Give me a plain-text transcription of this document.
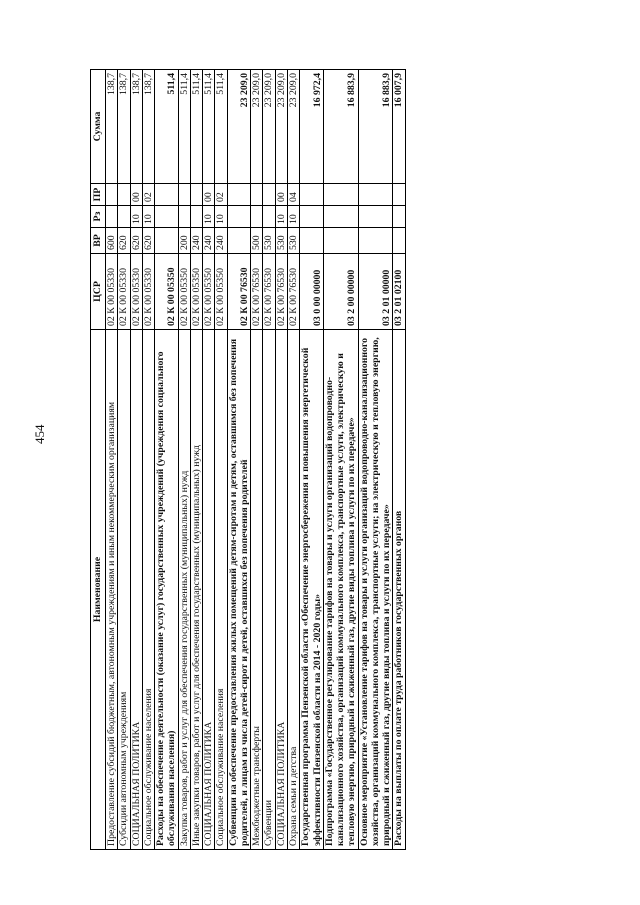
454
Наименование	ЦСР	ВР	Рз	ПР	Сумма
Предоставление субсидий бюджетным, автономным учреждениям и иным некоммерческим организациям	02 К 00 05330	600			138,7
Субсидии автономным учреждениям	02 К 00 05330	620			138,7
СОЦИАЛЬНАЯ ПОЛИТИКА	02 К 00 05330	620	10	00	138,7
Социальное обслуживание населения	02 К 00 05330	620	10	02	138,7
Расходы на обеспечение деятельности (оказание услуг) государственных учреждений (учреждения социального обслуживания населения)	02 К 00 05350				511,4
Закупка товаров, работ и услуг для обеспечения государственных (муниципальных) нужд	02 К 00 05350	200			511,4
Иные закупки товаров, работ и услуг для обеспечения государственных (муниципальных) нужд	02 К 00 05350	240			511,4
СОЦИАЛЬНАЯ ПОЛИТИКА	02 К 00 05350	240	10	00	511,4
Социальное обслуживание населения	02 К 00 05350	240	10	02	511,4
Субвенции на обеспечение предоставления жилых помещений детям-сиротам и детям, оставшимся без попечения родителей, и лицам из числа детей-сирот и детей, оставшихся без попечения родителей	02 К 00 76530				23 209,0
Межбюджетные трансферты	02 К 00 76530	500			23 209,0
Субвенции	02 К 00 76530	530			23 209,0
СОЦИАЛЬНАЯ ПОЛИТИКА	02 К 00 76530	530	10	00	23 209,0
Охрана семьи и детства	02 К 00 76530	530	10	04	23 209,0
Государственная программа Пензенской области «Обеспечение энергосбережения и повышения энергетической эффективности Пензенской области на 2014 - 2020 годы»	03 0 00 00000				16 972,4
Подпрограмма «Государственное регулирование тарифов на товары и услуги организаций водопроводно-канализационного хозяйства, организаций коммунального комплекса, транспортные услуги, электрическую и тепловую энергию, природный и сжиженный газ, другие виды топлива и услуги по их передаче»	03 2 00 00000				16 883,9
Основное мероприятие «Установление тарифов на товары и услуги организаций водопроводно-канализационного хозяйства, организаций коммунального комплекса, транспортные услуги; на электрическую и тепловую энергию, природный и сжиженный газ, другие виды топлива и услуги по их передаче»	03 2 01 00000				16 883,9
Расходы на выплаты по оплате труда работников государственных органов	03 2 01 02100				16 007,9
